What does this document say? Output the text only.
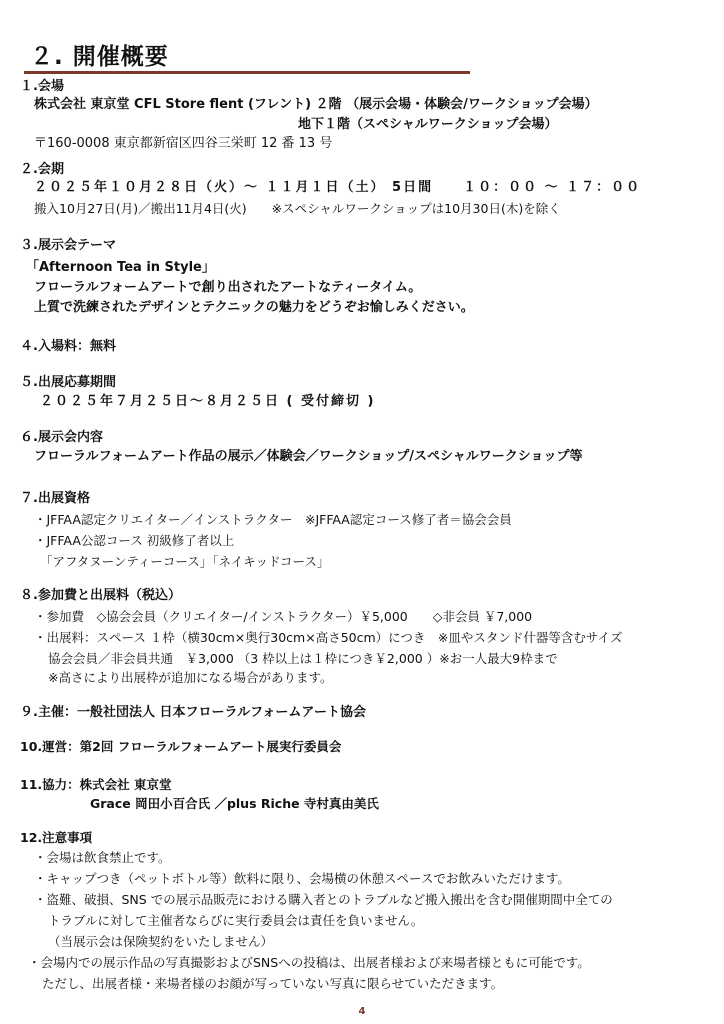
２. 開催概要
１.会場
株式会社 東京堂 CFL Store flent (フレント) ２階 （展示会場・体験会/ワークショップ会場）
地下１階（スペシャルワークショップ会場）
〒160-0008 東京都新宿区四谷三栄町 12 番 13 号
２.会期
２０２５年１０月２８日（火）～ １１月１日（土） 5日間　　１０：００ ～ １７：００
搬入10月27日(月)／搬出11月4日(火)　　※スペシャルワークショップは10月30日(木)を除く
３.展示会テーマ
「Afternoon Tea in Style」
フローラルフォームアートで創り出されたアートなティータイム。
上質で洗練されたデザインとテクニックの魅力をどうぞお愉しみください。
４.入場料：無料
５.出展応募期間
２０２５年７月２５日～８月２５日 ( 受付締切 )
６.展示会内容
フローラルフォームアート作品の展示／体験会／ワークショップ/スペシャルワークショップ等
７.出展資格
・JFFAA認定クリエイター／インストラクター　※JFFAA認定コース修了者＝協会会員
・JFFAA公認コース 初級修了者以上
「アフタヌーンティーコース」「ネイキッドコース」
８.参加費と出展料（税込）
・参加費　◇協会会員（クリエイター/インストラクター）￥5,000　　◇非会員 ￥7,000
・出展料：スペース １枠（横30cm×奥行30cm×高さ50cm）につき　※皿やスタンド什器等含むサイズ
協会会員／非会員共通　￥3,000 （3 枠以上は１枠につき￥2,000 ）※お一人最大9枠まで
※高さにより出展枠が追加になる場合があります。
９.主催：一般社団法人 日本フローラルフォームアート協会
10.運営：第2回 フローラルフォームアート展実行委員会
11.協力：株式会社 東京堂
Grace 岡田小百合氏 ／plus Riche 寺村真由美氏
12.注意事項
・会場は飲食禁止です。
・キャップつき（ペットボトル等）飲料に限り、会場横の休憩スペースでお飲みいただけます。
・盗難、破損、SNS での展示品販売における購入者とのトラブルなど搬入搬出を含む開催期間中全ての
トラブルに対して主催者ならびに実行委員会は責任を負いません。
（当展示会は保険契約をいたしません）
・会場内での展示作品の写真撮影およびSNSへの投稿は、出展者様および来場者様ともに可能です。
ただし、出展者様・来場者様のお顔が写っていない写真に限らせていただきます。
4
